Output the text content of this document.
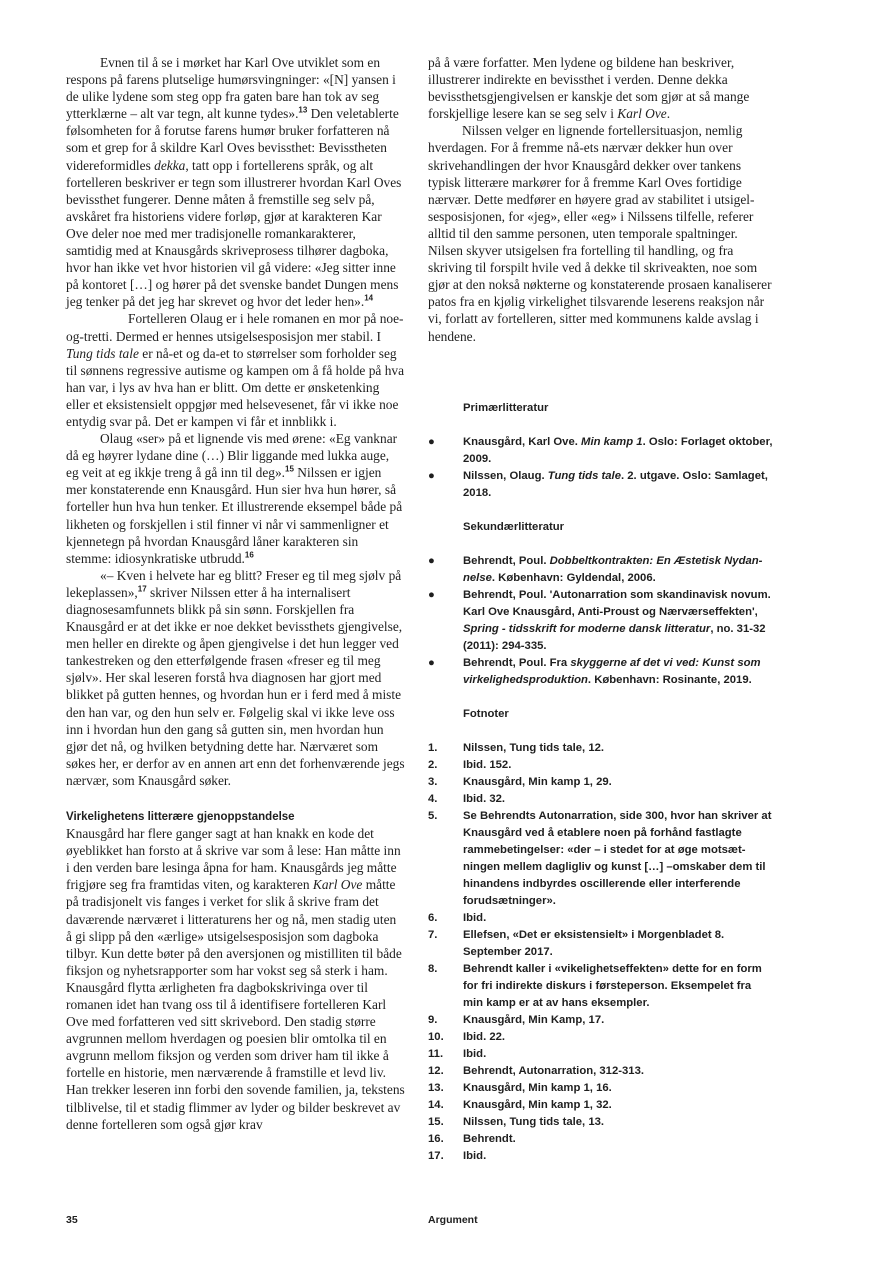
Evnen til å se i mørket har Karl Ove utviklet som en respons på farens plutselige humørsvingninger: «[N] yansen i de ulike lydene som steg opp fra gaten bare han tok av seg ytterklærne – alt var tegn, alt kunne tydes».$^{13}$ Den veletablerte følsomheten for å forutse farens humør bruker forfatteren nå som et grep for å skildre Karl Oves bevissthet: Bevisstheten videreformidles dekka, tatt opp i fortellerens språk, og alt fortelleren beskriver er tegn som illustrerer hvordan Karl Oves bevissthet fungerer. Denne måten å fremstille seg selv på, avskåret fra historiens videre forløp, gjør at karakteren Kar Ove deler noe med mer tradisjonelle romankarakterer, samtidig med at Knausgårds skriveprosess tilhører dagboka, hvor han ikke vet hvor historien vil gå videre: «Jeg sitter inne på kontoret […] og hører på det svenske bandet Dungen mens jeg tenker på det jeg har skrevet og hvor det leder hen».$^{14}$

Fortelleren Olaug er i hele romanen en mor på noe-og-tretti. Dermed er hennes utsigelsesposisjon mer stabil. I Tung tids tale er nå-et og da-et to størrelser som forholder seg til sønnens regressive autisme og kampen om å få holde på hva han var, i lys av hva han er blitt. Om dette er ønsketenking eller et eksistensielt oppgjør med helsevesenet, får vi ikke noe entydig svar på. Det er kampen vi får et innblikk i.

Olaug «ser» på et lignende vis med ørene: «Eg vanknar då eg høyrer lydane dine (…) Blir liggande med lukka auge, eg veit at eg ikkje treng å gå inn til deg».$^{15}$ Nilssen er igjen mer konstaterende enn Knausgård. Hun sier hva hun hører, så forteller hun hva hun tenker. Et illustrerende eksempel både på likheten og forskjellen i stil finner vi når vi sammenligner et kjennetegn på hvordan Knausgård låner karakteren sin stemme: idiosynkratiske utbrudd.$^{16}$

«– Kven i helvete har eg blitt? Freser eg til meg sjølv på lekeplassen»,$^{17}$ skriver Nilssen etter å ha internalisert diagnosesamfunnets blikk på sin sønn. Forskjellen fra Knausgård er at det ikke er noe dekket bevissthets gjengivelse, men heller en direkte og åpen gjengivelse i det hun legger ved tankestreken og den etterfølgende frasen «freser eg til meg sjølv». Her skal leseren forstå hva diagnosen har gjort med blikket på gutten hennes, og hvordan hun er i ferd med å miste den han var, og den hun selv er. Følgelig skal vi ikke leve oss inn i hvordan hun den gang så gutten sin, men hvordan hun gjør det nå, og hvilken betydning dette har. Nærværet som søkes her, er derfor av en annen art enn det forhenværende jegs nærvær, som Knausgård søker.

Virkelighetens litterære gjenoppstandelse

Knausgård har flere ganger sagt at han knakk en kode det øyeblikket han forsto at å skrive var som å lese: Han måtte inn i den verden bare lesinga åpna for ham. Knausgårds jeg måtte frigjøre seg fra framtidas viten, og karakteren Karl Ove måtte på tradisjonelt vis fanges i verket for slik å skrive fram det daværende nærværet i litteraturens her og nå, men stadig uten å gi slipp på den «ærlige» utsigelsesposisjon som dagboka tilbyr. Kun dette bøter på den aversjonen og mistilliten til både fiksjon og nyhetsrapporter som har vokst seg så sterk i ham. Knausgård flytta ærligheten fra dagbokskrivinga over til romanen idet han tvang oss til å identifisere fortelleren Karl Ove med forfatteren ved sitt skrivebord. Den stadig større avgrunnen mellom hverdagen og poesien blir omtolka til en avgrunn mellom fiksjon og verden som driver ham til ikke å fortelle en historie, men nærværende å framstille et levd liv. Han trekker leseren inn forbi den sovende familien, ja, tekstens tilblivelse, til et stadig flimmer av lyder og bilder beskrevet av denne fortelleren som også gjør krav

på å være forfatter. Men lydene og bildene han beskriver, illustrerer indirekte en bevissthet i verden. Denne dekka bevissthetsgjengivelsen er kanskje det som gjør at så mange forskjellige lesere kan se seg selv i Karl Ove.

Nilssen velger en lignende fortellersituasjon, nemlig hverdagen. For å fremme nå-ets nærvær dekker hun over skrivehandlingen der hvor Knausgård dekker over tankens typisk litterære markører for å fremme Karl Oves fortidige nærvær. Dette medfører en høyere grad av stabilitet i utsigelsesposisjonen, for «jeg», eller «eg» i Nilssens tilfelle, referer alltid til den samme personen, uten temporale spaltninger. Nilsen skyver utsigelsen fra fortelling til handling, og fra skriving til forspilt hvile ved å dekke til skriveakten, noe som gjør at den nokså nøkterne og konstaterende prosaen kanaliserer patos fra en kjølig virkelighet tilsvarende leserens reaksjon når vi, forlatt av fortelleren, sitter med kommunens kalde avslag i hendene.

Primærlitteratur
● Knausgård, Karl Ove. Min kamp 1. Oslo: Forlaget oktober, 2009.
● Nilssen, Olaug. Tung tids tale. 2. utgave. Oslo: Samlaget, 2018.
Sekundærlitteratur
● Behrendt, Poul. Dobbeltkontrakten: En Æstetisk Nydannelse. København: Gyldendal, 2006.
● Behrendt, Poul. 'Autonarration som skandinavisk novum. Karl Ove Knausgård, Anti-Proust og Nærværseffekten', Spring - tidsskrift for moderne dansk litteratur, no. 31-32 (2011): 294-335.
● Behrendt, Poul. Fra skyggerne af det vi ved: Kunst som virkelighedsproduktion. København: Rosinante, 2019.
Fotnoter
1. Nilssen, Tung tids tale, 12.
2. Ibid. 152.
3. Knausgård, Min kamp 1, 29.
4. Ibid. 32.
5. Se Behrendts Autonarration, side 300, hvor han skriver at Knausgård ved å etablere noen på forhånd fastlagte rammebetingelser: «der – i stedet for at øge motsætningen mellem dagligliv og kunst […] –omskaber dem til hinandens indbyrdes oscillerende eller interferende forudsætninger».
6. Ibid.
7. Ellefsen, «Det er eksistensielt» i Morgenbladet 8. September 2017.
8. Behrendt kaller i «vikelighetseffekten» dette for en form for fri indirekte diskurs i førsteperson. Eksempelet fra min kamp er at av hans eksempler.
9. Knausgård, Min Kamp, 17.
10. Ibid. 22.
11. Ibid.
12. Behrendt, Autonarration, 312-313.
13. Knausgård, Min kamp 1, 16.
14. Knausgård, Min kamp 1, 32.
15. Nilssen, Tung tids tale, 13.
16. Behrendt.
17. Ibid.
35	Argument
